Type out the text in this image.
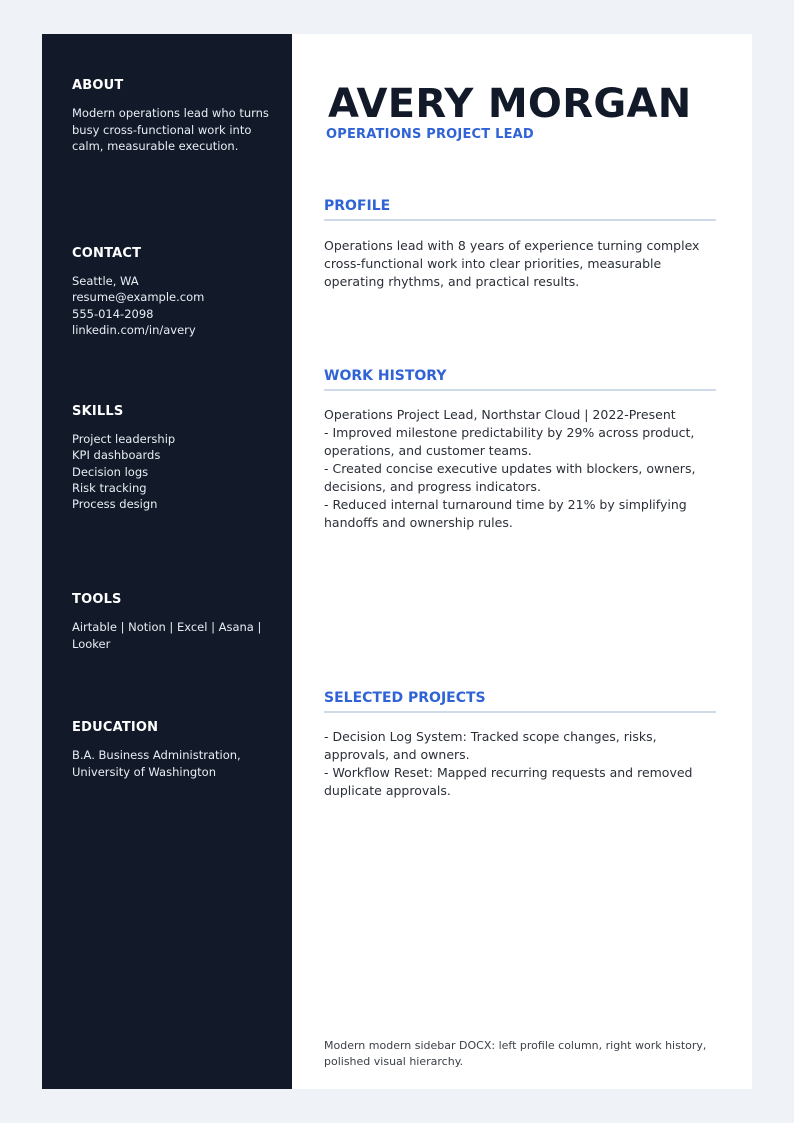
ABOUT
Modern operations lead who turns busy cross-functional work into calm, measurable execution.
CONTACT
Seattle, WA
resume@example.com
555-014-2098
linkedin.com/in/avery
SKILLS
Project leadership
KPI dashboards
Decision logs
Risk tracking
Process design
TOOLS
Airtable | Notion | Excel | Asana | Looker
EDUCATION
B.A. Business Administration, University of Washington
AVERY MORGAN
OPERATIONS PROJECT LEAD
PROFILE
Operations lead with 8 years of experience turning complex cross-functional work into clear priorities, measurable operating rhythms, and practical results.
WORK HISTORY
Operations Project Lead, Northstar Cloud | 2022-Present
- Improved milestone predictability by 29% across product, operations, and customer teams.
- Created concise executive updates with blockers, owners, decisions, and progress indicators.
- Reduced internal turnaround time by 21% by simplifying handoffs and ownership rules.
SELECTED PROJECTS
- Decision Log System: Tracked scope changes, risks, approvals, and owners.
- Workflow Reset: Mapped recurring requests and removed duplicate approvals.
Modern modern sidebar DOCX: left profile column, right work history, polished visual hierarchy.
